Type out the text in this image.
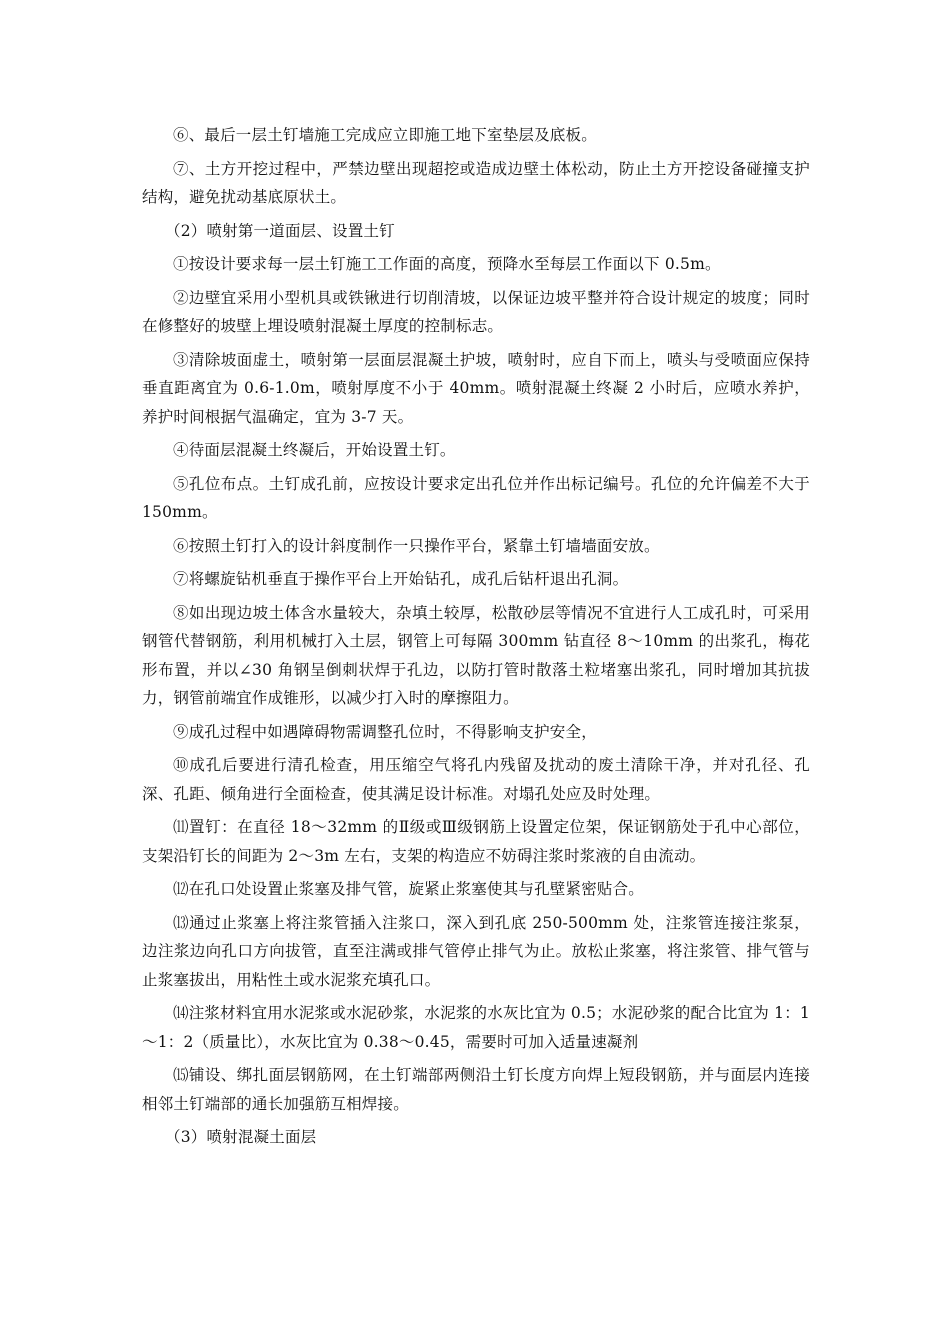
⑥、最后一层土钉墙施工完成应立即施工地下室垫层及底板。

⑦、土方开挖过程中，严禁边壁出现超挖或造成边壁土体松动，防止土方开挖设备碰撞支护结构，避免扰动基底原状土。

（2）喷射第一道面层、设置土钉

①按设计要求每一层土钉施工工作面的高度，预降水至每层工作面以下 0.5m。

②边壁宜采用小型机具或铁锹进行切削清坡，以保证边坡平整并符合设计规定的坡度；同时在修整好的坡壁上埋设喷射混凝土厚度的控制标志。

③清除坡面虚土，喷射第一层面层混凝土护坡，喷射时，应自下而上，喷头与受喷面应保持垂直距离宜为 0.6-1.0m，喷射厚度不小于 40mm。喷射混凝土终凝 2 小时后，应喷水养护，养护时间根据气温确定，宜为 3-7 天。

④待面层混凝土终凝后，开始设置土钉。

⑤孔位布点。土钉成孔前，应按设计要求定出孔位并作出标记编号。孔位的允许偏差不大于 150mm。

⑥按照土钉打入的设计斜度制作一只操作平台，紧靠土钉墙墙面安放。

⑦将螺旋钻机垂直于操作平台上开始钻孔，成孔后钻杆退出孔洞。

⑧如出现边坡土体含水量较大，杂填土较厚，松散砂层等情况不宜进行人工成孔时，可采用钢管代替钢筋，利用机械打入土层，钢管上可每隔 300mm 钻直径 8～10mm 的出浆孔，梅花形布置，并以∠30 角钢呈倒刺状焊于孔边，以防打管时散落土粒堵塞出浆孔，同时增加其抗拔力，钢管前端宜作成锥形，以减少打入时的摩擦阻力。

⑨成孔过程中如遇障碍物需调整孔位时，不得影响支护安全，

⑩成孔后要进行清孔检查，用压缩空气将孔内残留及扰动的废土清除干净，并对孔径、孔深、孔距、倾角进行全面检查，使其满足设计标准。对塌孔处应及时处理。

⑾置钉：在直径 18～32mm 的Ⅱ级或Ⅲ级钢筋上设置定位架，保证钢筋处于孔中心部位，支架沿钉长的间距为 2～3m 左右，支架的构造应不妨碍注浆时浆液的自由流动。

⑿在孔口处设置止浆塞及排气管，旋紧止浆塞使其与孔壁紧密贴合。

⒀通过止浆塞上将注浆管插入注浆口，深入到孔底 250-500mm 处，注浆管连接注浆泵，边注浆边向孔口方向拔管，直至注满或排气管停止排气为止。放松止浆塞，将注浆管、排气管与止浆塞拔出，用粘性土或水泥浆充填孔口。

⒁注浆材料宜用水泥浆或水泥砂浆，水泥浆的水灰比宜为 0.5；水泥砂浆的配合比宜为 1：1～1：2（质量比），水灰比宜为 0.38～0.45，需要时可加入适量速凝剂

⒂铺设、绑扎面层钢筋网，在土钉端部两侧沿土钉长度方向焊上短段钢筋，并与面层内连接相邻土钉端部的通长加强筋互相焊接。

（3）喷射混凝土面层
